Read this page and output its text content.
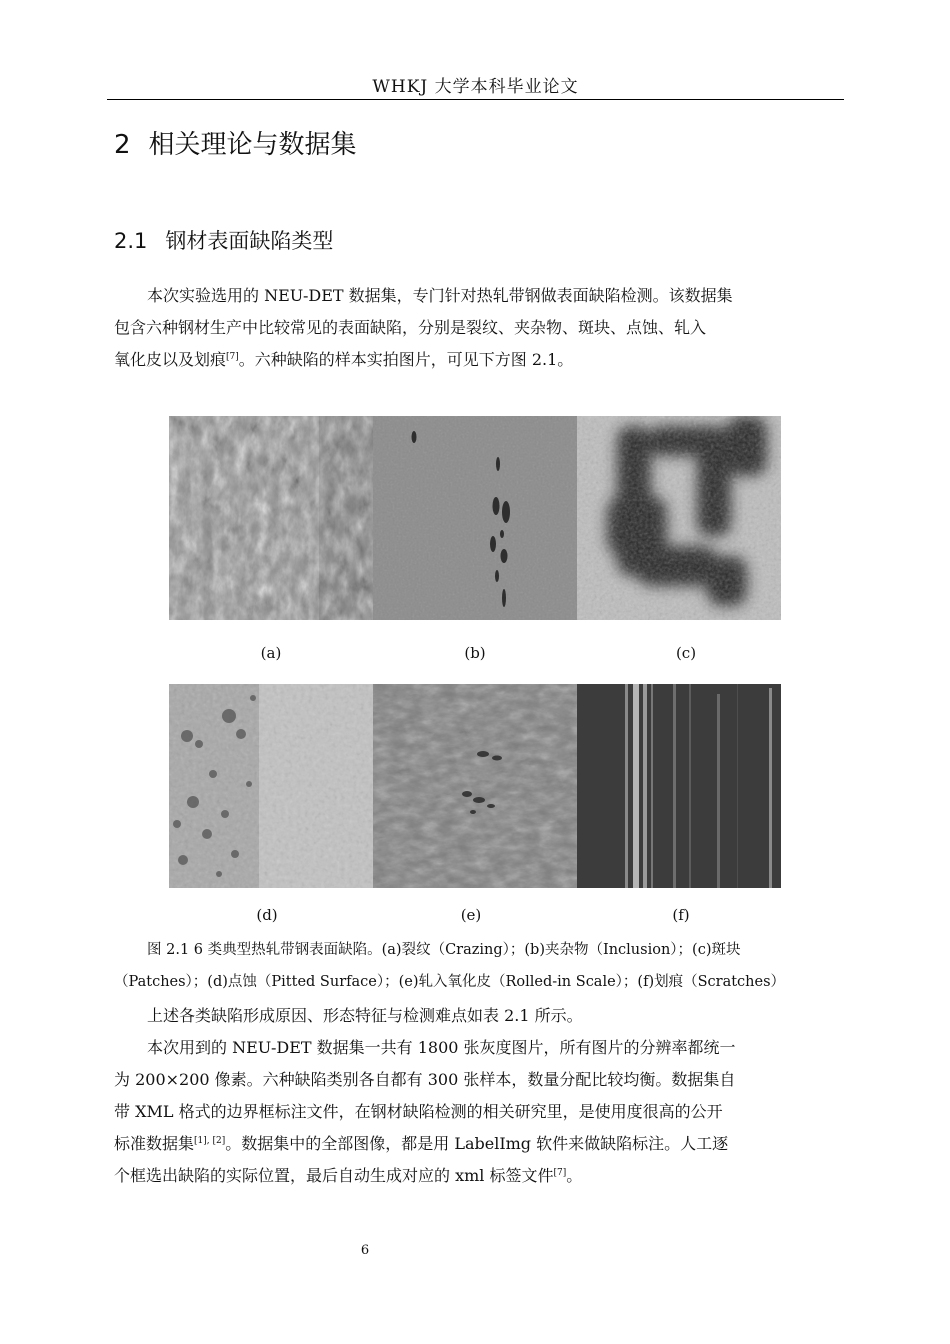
WHKJ 大学本科毕业论文
2 相关理论与数据集
2.1 钢材表面缺陷类型
本次实验选用的 NEU-DET 数据集，专门针对热轧带钢做表面缺陷检测。该数据集
包含六种钢材生产中比较常见的表面缺陷，分别是裂纹、夹杂物、斑块、点蚀、轧入
氧化皮以及划痕[7]。六种缺陷的样本实拍图片，可见下方图 2.1。
(a)	(b)	(c)
(d)	(e)	(f)
图 2.1 6 类典型热轧带钢表面缺陷。(a)裂纹（Crazing）；(b)夹杂物（Inclusion）；(c)斑块
（Patches）；(d)点蚀（Pitted Surface）；(e)轧入氧化皮（Rolled-in Scale）；(f)划痕（Scratches）
上述各类缺陷形成原因、形态特征与检测难点如表 2.1 所示。
本次用到的 NEU-DET 数据集一共有 1800 张灰度图片，所有图片的分辨率都统一
为 200×200 像素。六种缺陷类别各自都有 300 张样本，数量分配比较均衡。数据集自
带 XML 格式的边界框标注文件，在钢材缺陷检测的相关研究里，是使用度很高的公开
标准数据集[1], [2]。数据集中的全部图像，都是用 LabelImg 软件来做缺陷标注。人工逐
个框选出缺陷的实际位置，最后自动生成对应的 xml 标签文件[7]。
6
